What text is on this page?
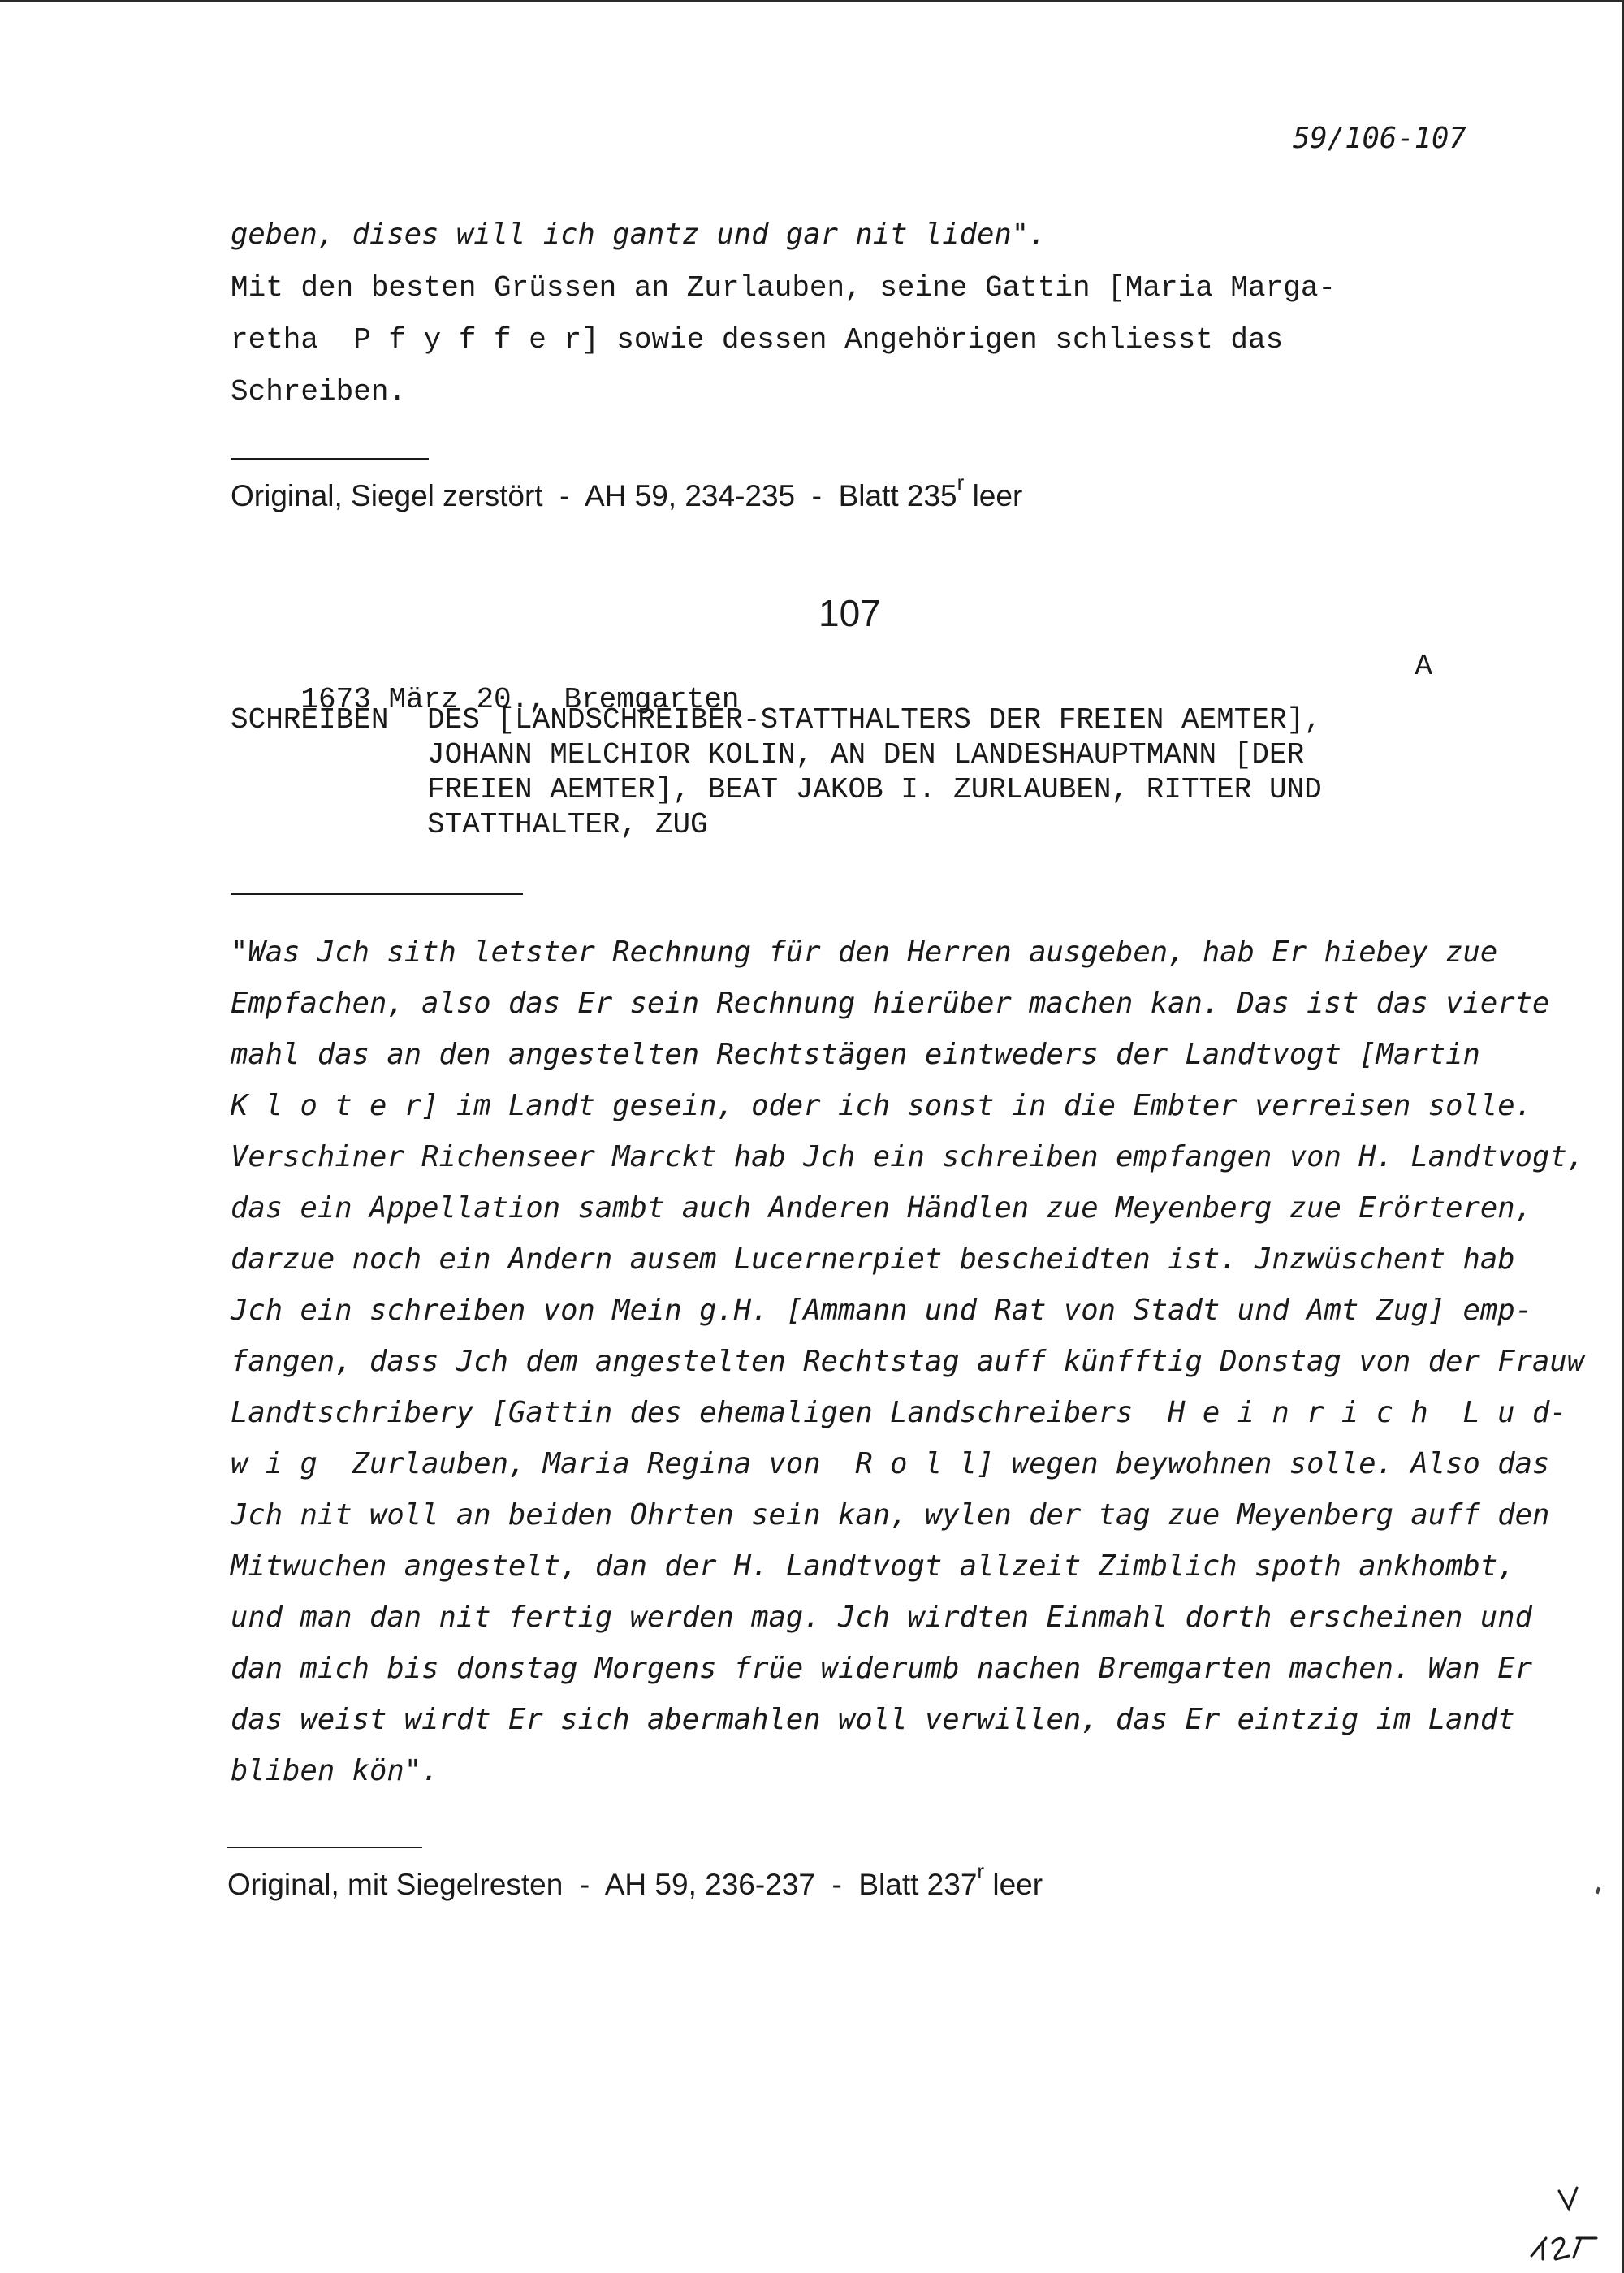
59/106-107
geben, dises will ich gantz und gar nit liden".
Mit den besten Grüssen an Zurlauben, seine Gattin [Maria Marga-
retha  P f y f f e r] sowie dessen Angehörigen schliesst das
Schreiben.
Original, Siegel zerstört  -  AH 59, 234-235  -  Blatt 235$^r$ leer
107

1673 März 20., Bremgarten

A

SCHREIBEN

DES [LANDSCHREIBER-STATTHALTERS DER FREIEN AEMTER],

JOHANN MELCHIOR KOLIN, AN DEN LANDESHAUPTMANN [DER

FREIEN AEMTER], BEAT JAKOB I. ZURLAUBEN, RITTER UND

STATTHALTER, ZUG

"Was Jch sith letster Rechnung für den Herren ausgeben, hab Er hiebey zue
Empfachen, also das Er sein Rechnung hierüber machen kan. Das ist das vierte
mahl das an den angestelten Rechtstägen eintweders der Landtvogt [Martin
K l o t e r] im Landt gesein, oder ich sonst in die Embter verreisen solle.
Verschiner Richenseer Marckt hab Jch ein schreiben empfangen von H. Landtvogt,
das ein Appellation sambt auch Anderen Händlen zue Meyenberg zue Erörteren,
darzue noch ein Andern ausem Lucernerpiet bescheidten ist. Jnzwüschent hab
Jch ein schreiben von Mein g.H. [Ammann und Rat von Stadt und Amt Zug] emp-
fangen, dass Jch dem angestelten Rechtstag auff künfftig Donstag von der Frauw
Landtschribery [Gattin des ehemaligen Landschreibers  H e i n r i c h  L u d-
w i g  Zurlauben, Maria Regina von  R o l l] wegen beywohnen solle. Also das
Jch nit woll an beiden Ohrten sein kan, wylen der tag zue Meyenberg auff den
Mitwuchen angestelt, dan der H. Landtvogt allzeit Zimblich spoth ankhombt,
und man dan nit fertig werden mag. Jch wirdten Einmahl dorth erscheinen und
dan mich bis donstag Morgens früe widerumb nachen Bremgarten machen. Wan Er
das weist wirdt Er sich abermahlen woll verwillen, das Er eintzig im Landt
bliben kön".
Original, mit Siegelresten  -  AH 59, 236-237  -  Blatt 237$^r$ leer
